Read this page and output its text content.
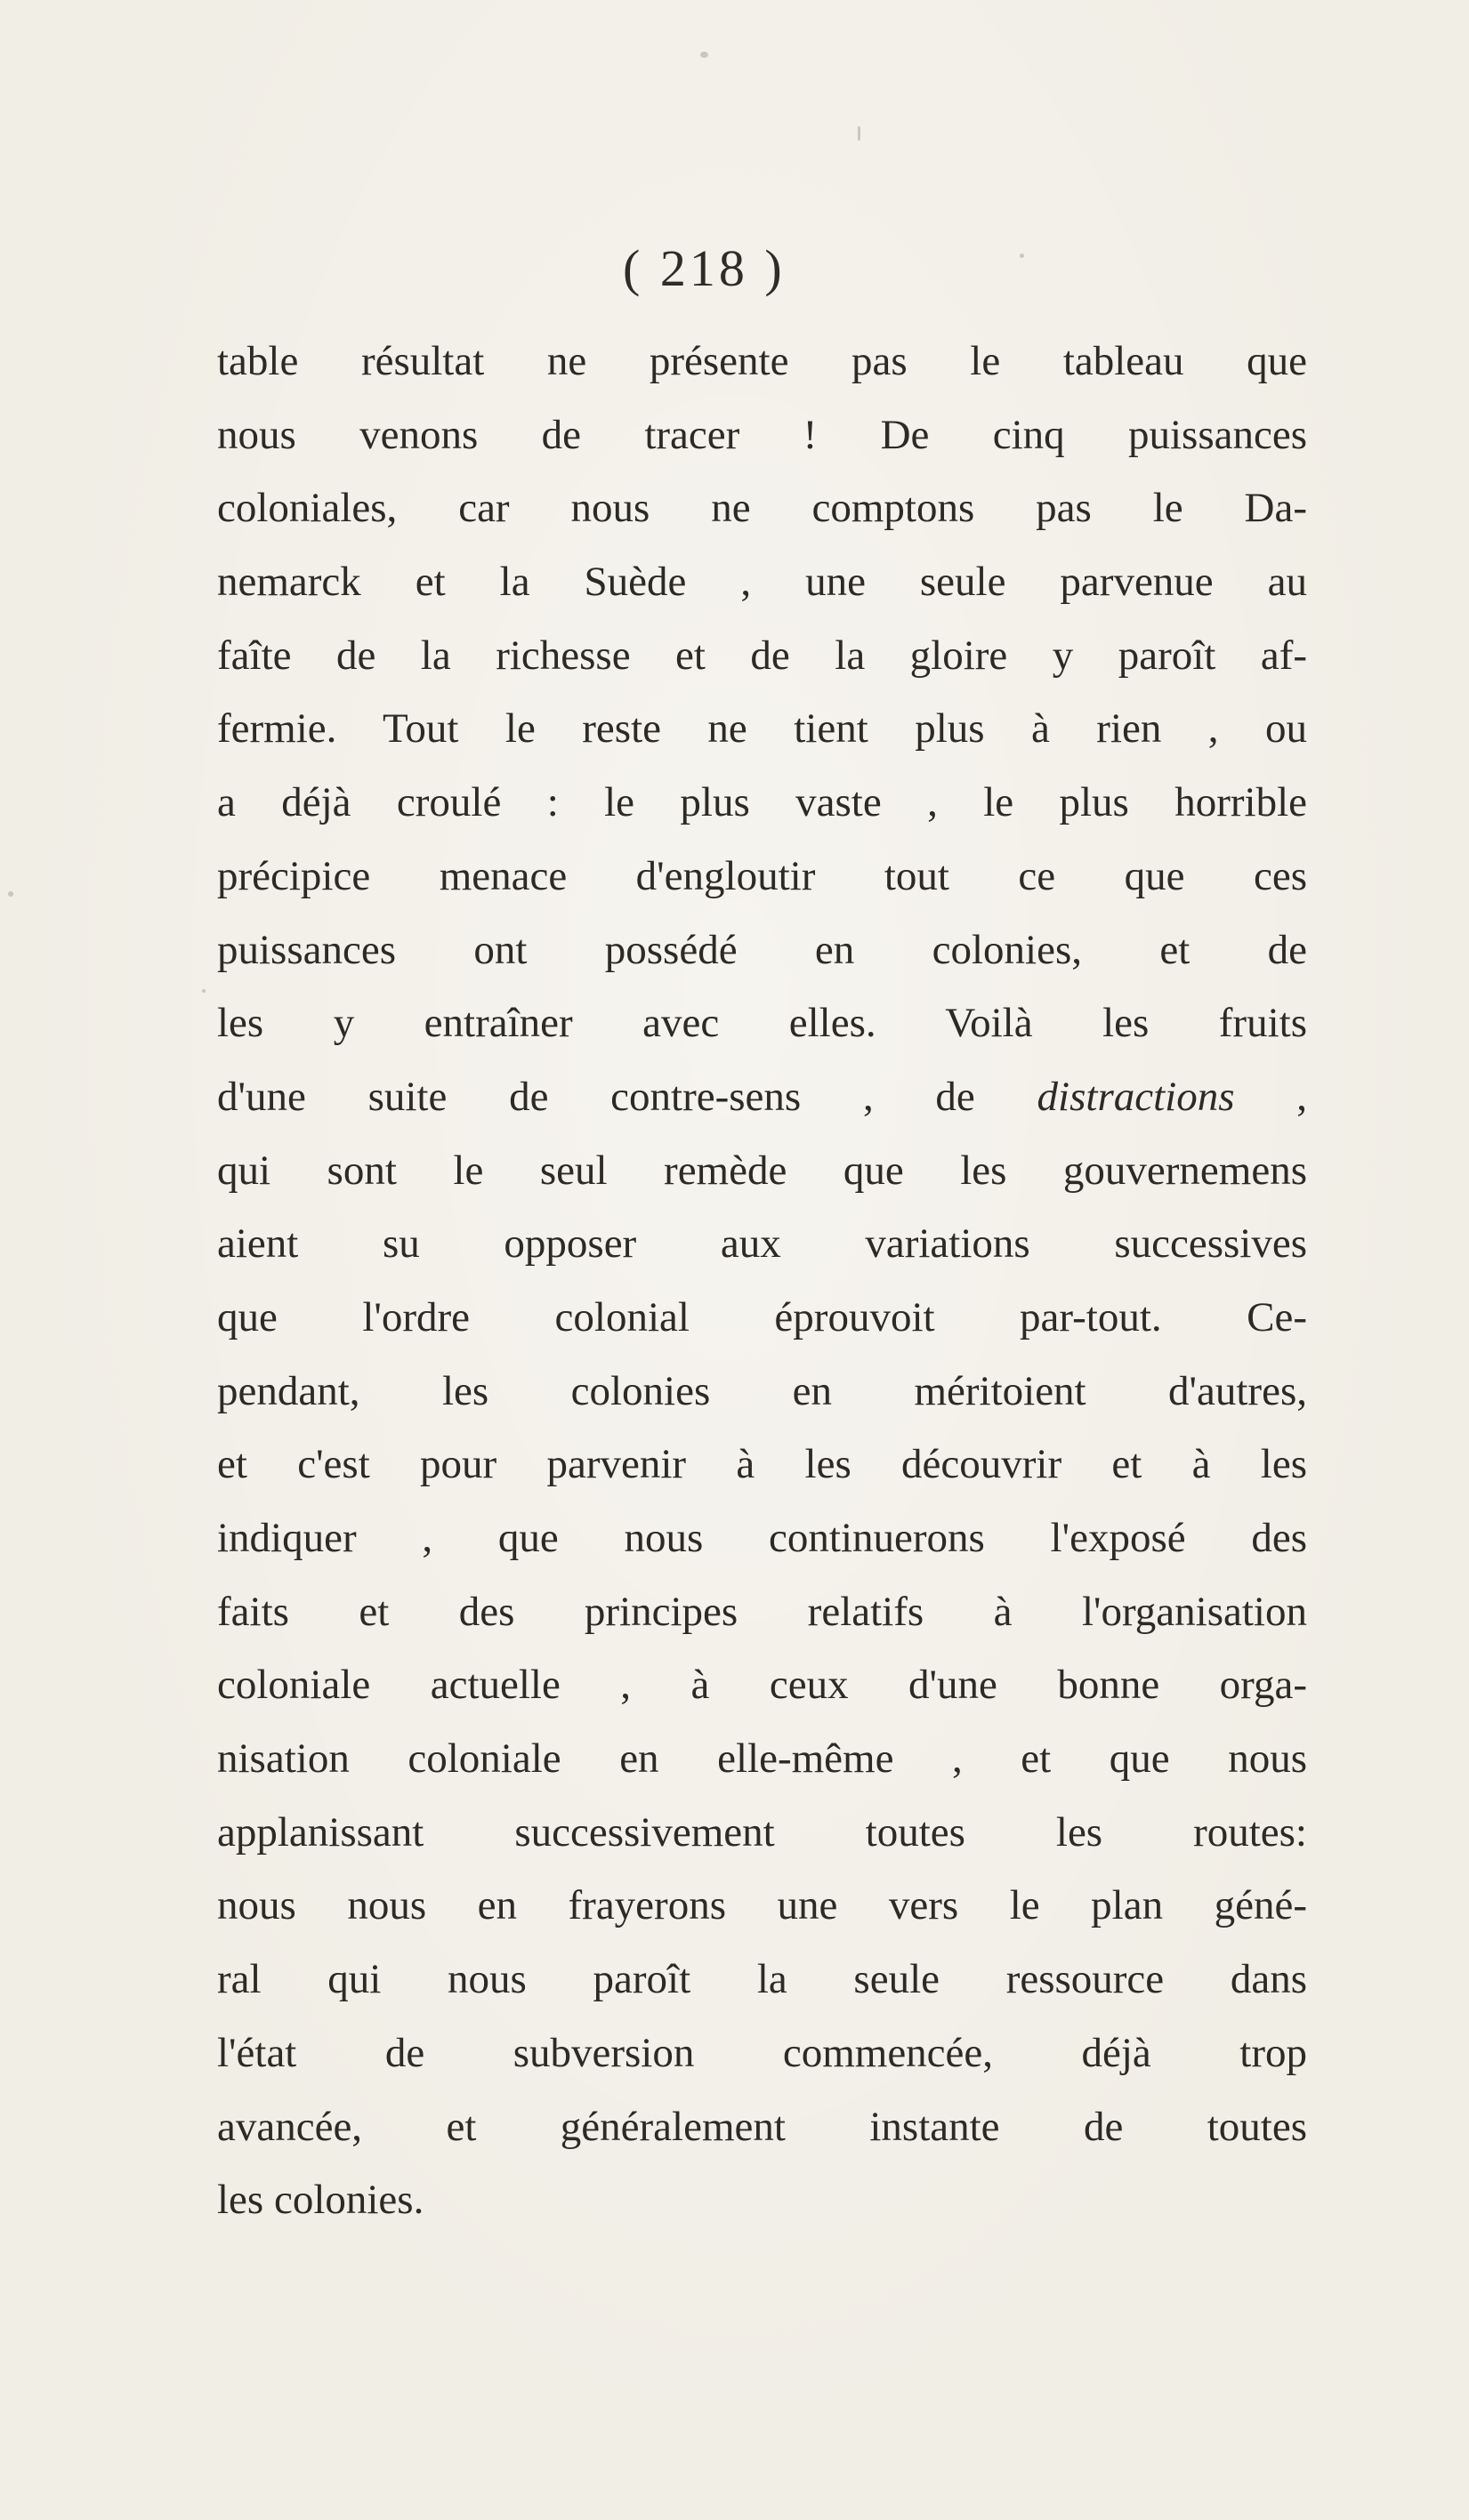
( 218 )
table résultat ne présente pas le tableau que
nous venons de tracer ! De cinq puissances
coloniales, car nous ne comptons pas le Da-
nemarck et la Suède , une seule parvenue au
faîte de la richesse et de la gloire y paroît af-
fermie. Tout le reste ne tient plus à rien , ou
a déjà croulé : le plus vaste , le plus horrible
précipice menace d'engloutir tout ce que ces
puissances ont possédé en colonies, et de
les y entraîner avec elles. Voilà les fruits
d'une suite de contre-sens , de distractions ,
qui sont le seul remède que les gouvernemens
aient su opposer aux variations successives
que l'ordre colonial éprouvoit par-tout. Ce-
pendant, les colonies en méritoient d'autres,
et c'est pour parvenir à les découvrir et à les
indiquer , que nous continuerons l'exposé des
faits et des principes relatifs à l'organisation
coloniale actuelle , à ceux d'une bonne orga-
nisation coloniale en elle-même , et que nous
applanissant successivement toutes les routes:
nous nous en frayerons une vers le plan géné-
ral qui nous paroît la seule ressource dans
l'état de subversion commencée, déjà trop
avancée, et généralement instante de toutes
les colonies.
